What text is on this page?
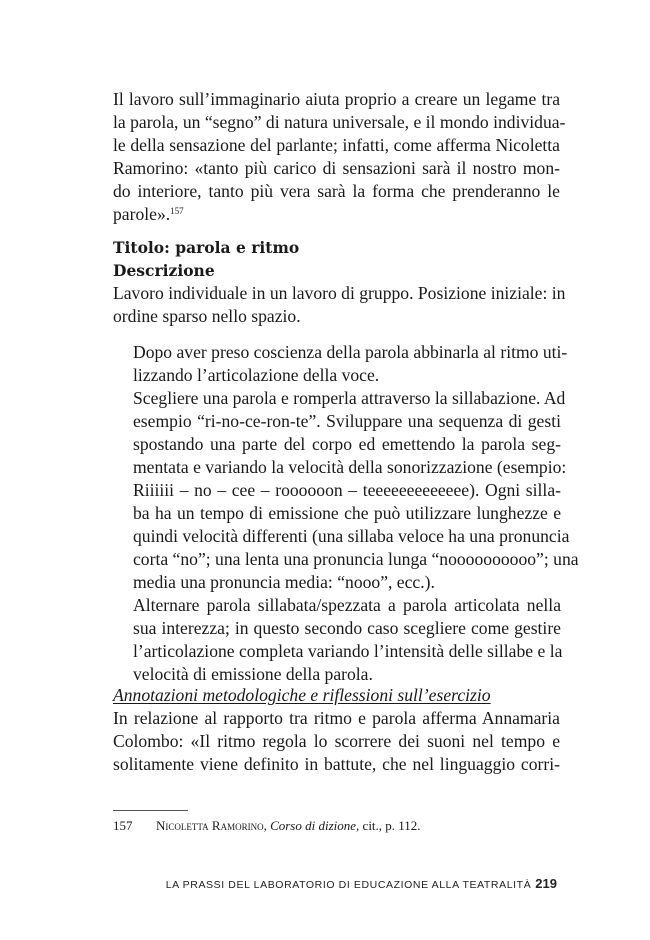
Il lavoro sull’immaginario aiuta proprio a creare un legame tra
la parola, un “segno” di natura universale, e il mondo individua-
le della sensazione del parlante; infatti, come afferma Nicoletta
Ramorino: «tanto più carico di sensazioni sarà il nostro mon-
do interiore, tanto più vera sarà la forma che prenderanno le
parole».$^{157}$
Titolo: parola e ritmo
Descrizione
Lavoro individuale in un lavoro di gruppo. Posizione iniziale: in
ordine sparso nello spazio.
Dopo aver preso coscienza della parola abbinarla al ritmo uti-
lizzando l’articolazione della voce.
Scegliere una parola e romperla attraverso la sillabazione. Ad
esempio “ri-no-ce-ron-te”. Sviluppare una sequenza di gesti
spostando una parte del corpo ed emettendo la parola seg-
mentata e variando la velocità della sonorizzazione (esempio:
Riiiiii – no – cee – roooooon – teeeeeeeeeeeee). Ogni silla-
ba ha un tempo di emissione che può utilizzare lunghezze e
quindi velocità differenti (una sillaba veloce ha una pronuncia
corta “no”; una lenta una pronuncia lunga “noooooooooo”; una
media una pronuncia media: “nooo”, ecc.).
Alternare parola sillabata/spezzata a parola articolata nella
sua interezza; in questo secondo caso scegliere come gestire
l’articolazione completa variando l’intensità delle sillabe e la
velocità di emissione della parola.
Annotazioni metodologiche e riflessioni sull’esercizio
In relazione al rapporto tra ritmo e parola afferma Annamaria
Colombo: «Il ritmo regola lo scorrere dei suoni nel tempo e
solitamente viene definito in battute, che nel linguaggio corri-
157 Nicoletta Ramorino, Corso di dizione, cit., p. 112.
LA PRASSI DEL LABORATORIO DI EDUCAZIONE ALLA TEATRALITÀ 219
